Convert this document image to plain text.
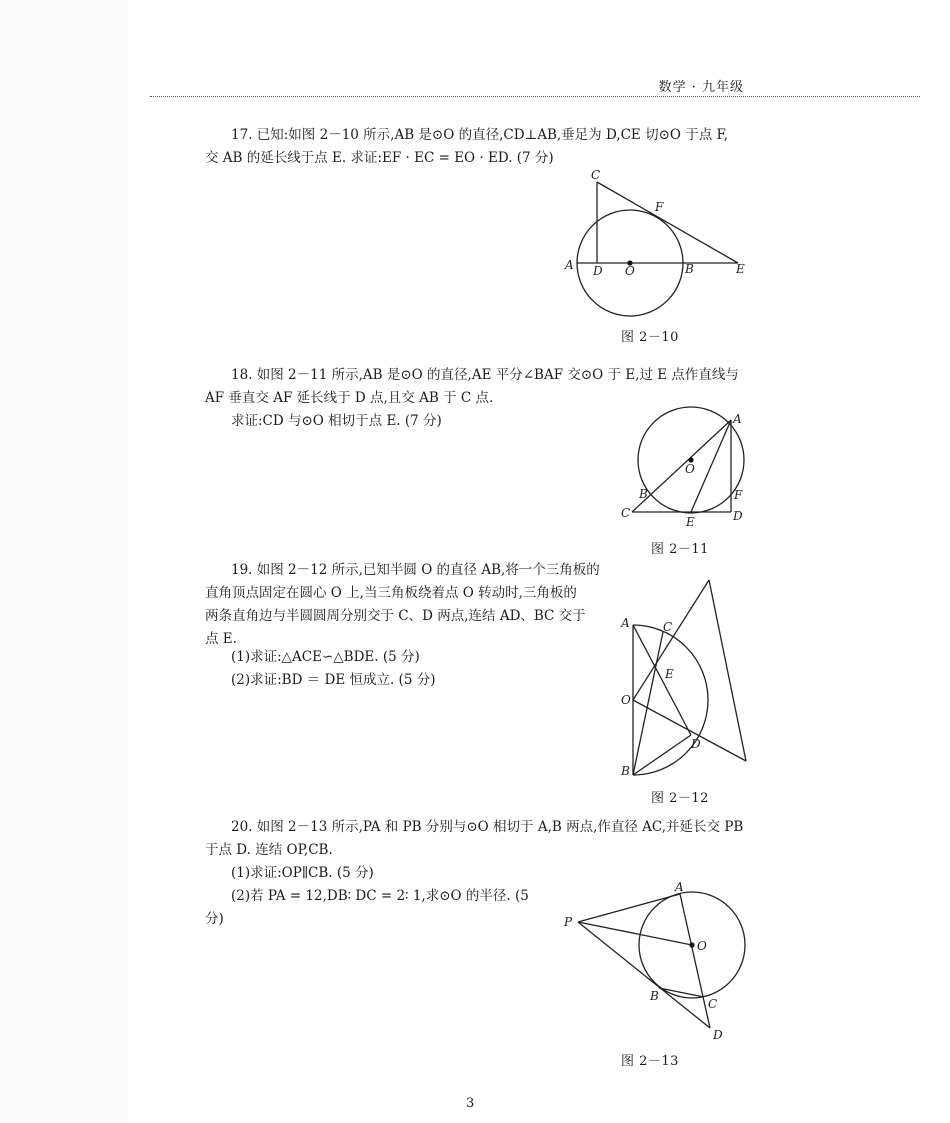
数学 · 九年级

17. 已知:如图 2－10 所示,AB 是⊙O 的直径,CD⊥AB,垂足为 D,CE 切⊙O 于点 F,

交 AB 的延长线于点 E. 求证:EF · EC = EO · ED. (7 分)

C
F
A D O	B	E
图 2－10

18. 如图 2－11 所示,AB 是⊙O 的直径,AE 平分∠BAF 交⊙O 于 E,过 E 点作直线与

AF 垂直交 AF 延长线于 D 点,且交 AB 于 C 点.

求证:CD 与⊙O 相切于点 E. (7 分)	A
O
B	F
C
E	D
图 2－11

19. 如图 2－12 所示,已知半圆 O 的直径 AB,将一个三角板的

直角顶点固定在圆心 O 上,当三角板绕着点 O 转动时,三角板的

两条直角边与半圆圆周分别交于 C、D 两点,连结 AD、BC 交于

点 E.

(1)求证:△ACE∽△BDE. (5 分)

(2)求证:BD ＝ DE 恒成立. (5 分)

A	C
E
O
D
B
图 2－12

20. 如图 2－13 所示,PA 和 PB 分别与⊙O 相切于 A,B 两点,作直径 AC,并延长交 PB

于点 D. 连结 OP,CB.

(1)求证:OP∥CB. (5 分)

(2)若 PA = 12,DB∶ DC = 2∶ 1,求⊙O 的半径. (5

分)

A
P
O
B
C
D
图 2－13
3
